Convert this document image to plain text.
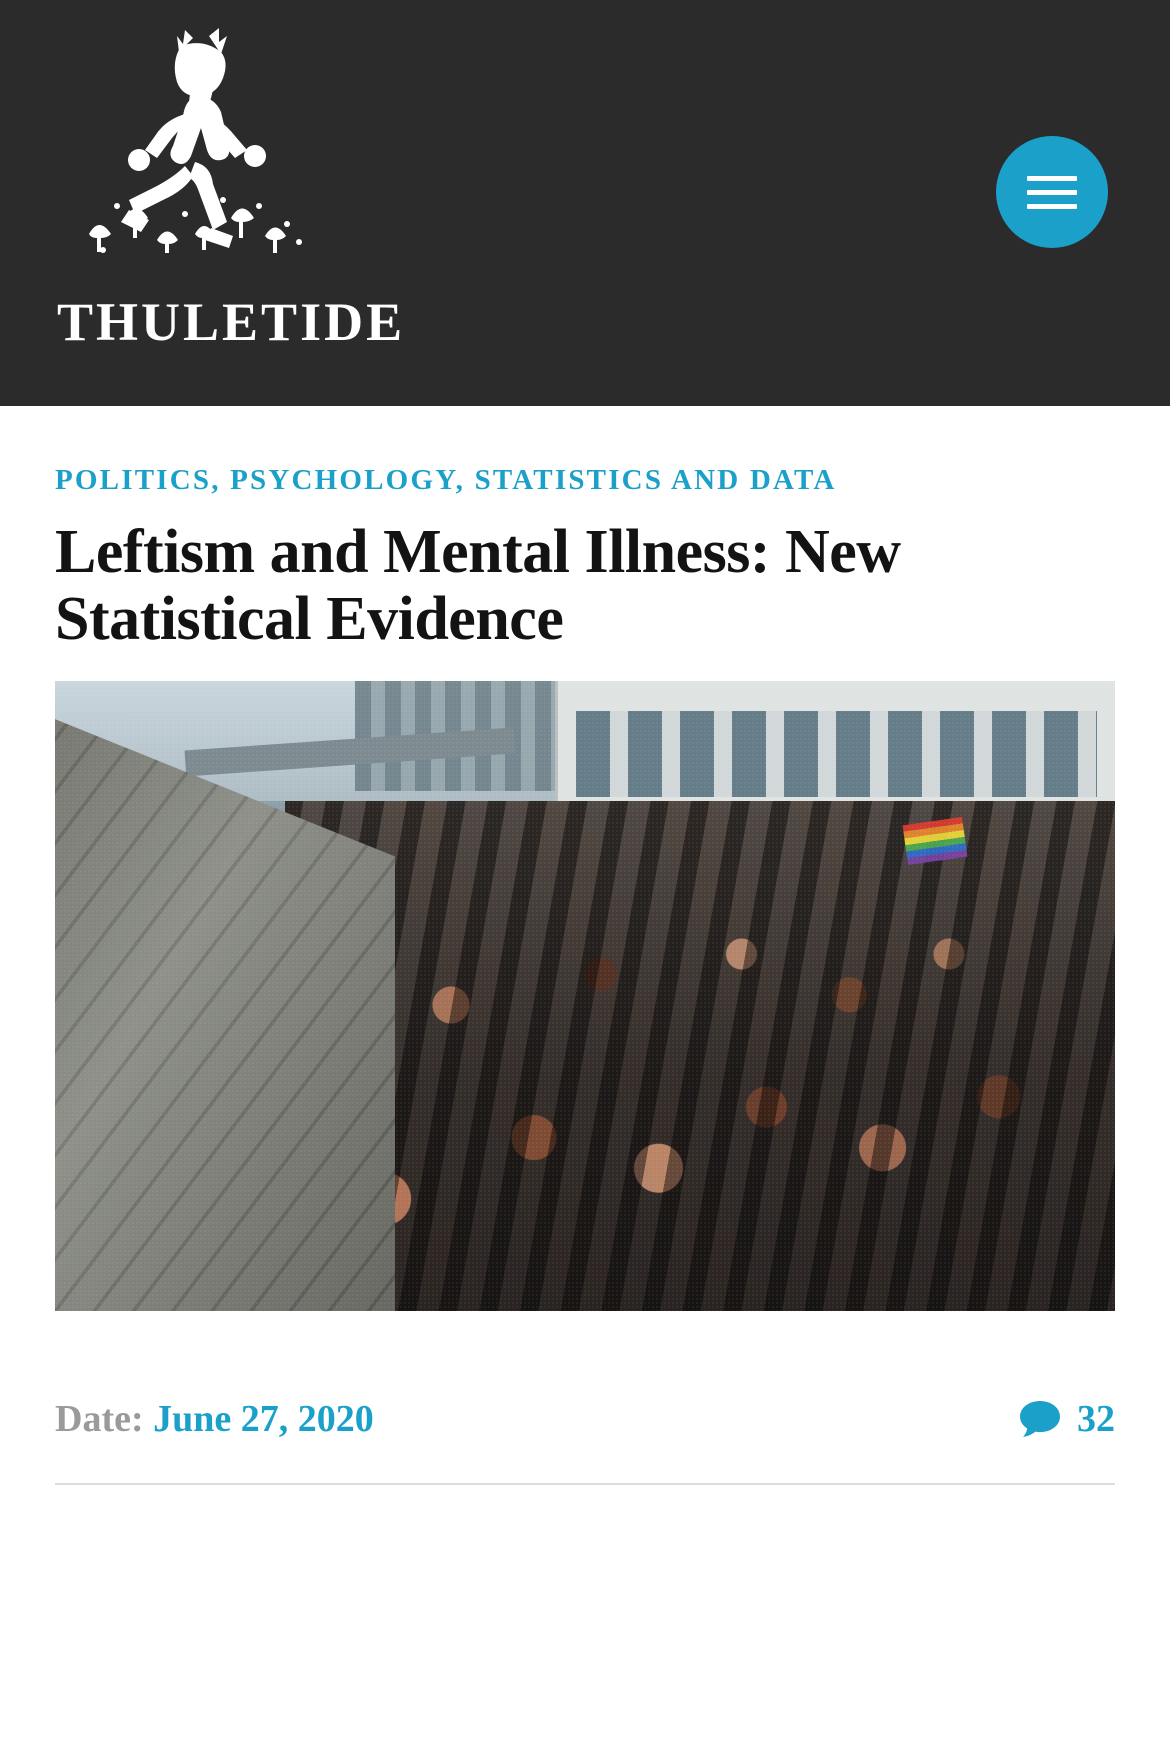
THULETIDE
POLITICS, PSYCHOLOGY, STATISTICS AND DATA
Leftism and Mental Illness: New Statistical Evidence
Date: June 27, 2020	32
